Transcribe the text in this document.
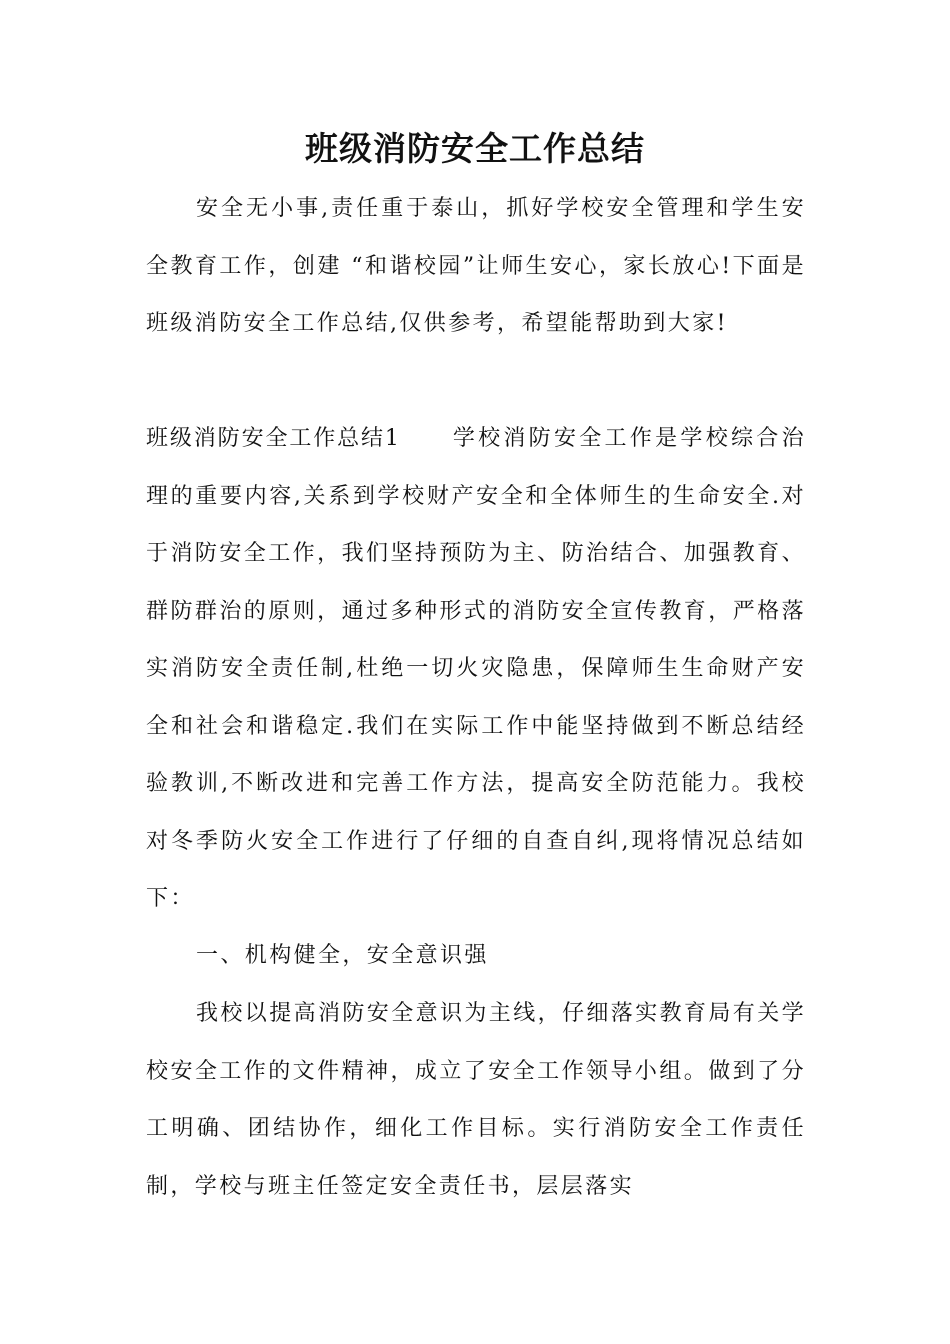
班级消防安全工作总结

安全无小事,责任重于泰山，抓好学校安全管理和学生安全教育工作，创建 “和谐校园”让师生安心，家长放心!下面是班级消防安全工作总结,仅供参考，希望能帮助到大家!

班级消防安全工作总结1 学校消防安全工作是学校综合治理的重要内容,关系到学校财产安全和全体师生的生命安全.对于消防安全工作，我们坚持预防为主、防治结合、加强教育、群防群治的原则，通过多种形式的消防安全宣传教育，严格落实消防安全责任制,杜绝一切火灾隐患，保障师生生命财产安全和社会和谐稳定.我们在实际工作中能坚持做到不断总结经验教训,不断改进和完善工作方法，提高安全防范能力。我校对冬季防火安全工作进行了仔细的自查自纠,现将情况总结如下：

一、机构健全，安全意识强

我校以提高消防安全意识为主线，仔细落实教育局有关学校安全工作的文件精神，成立了安全工作领导小组。做到了分工明确、团结协作，细化工作目标。实行消防安全工作责任制，学校与班主任签定安全责任书，层层落实
